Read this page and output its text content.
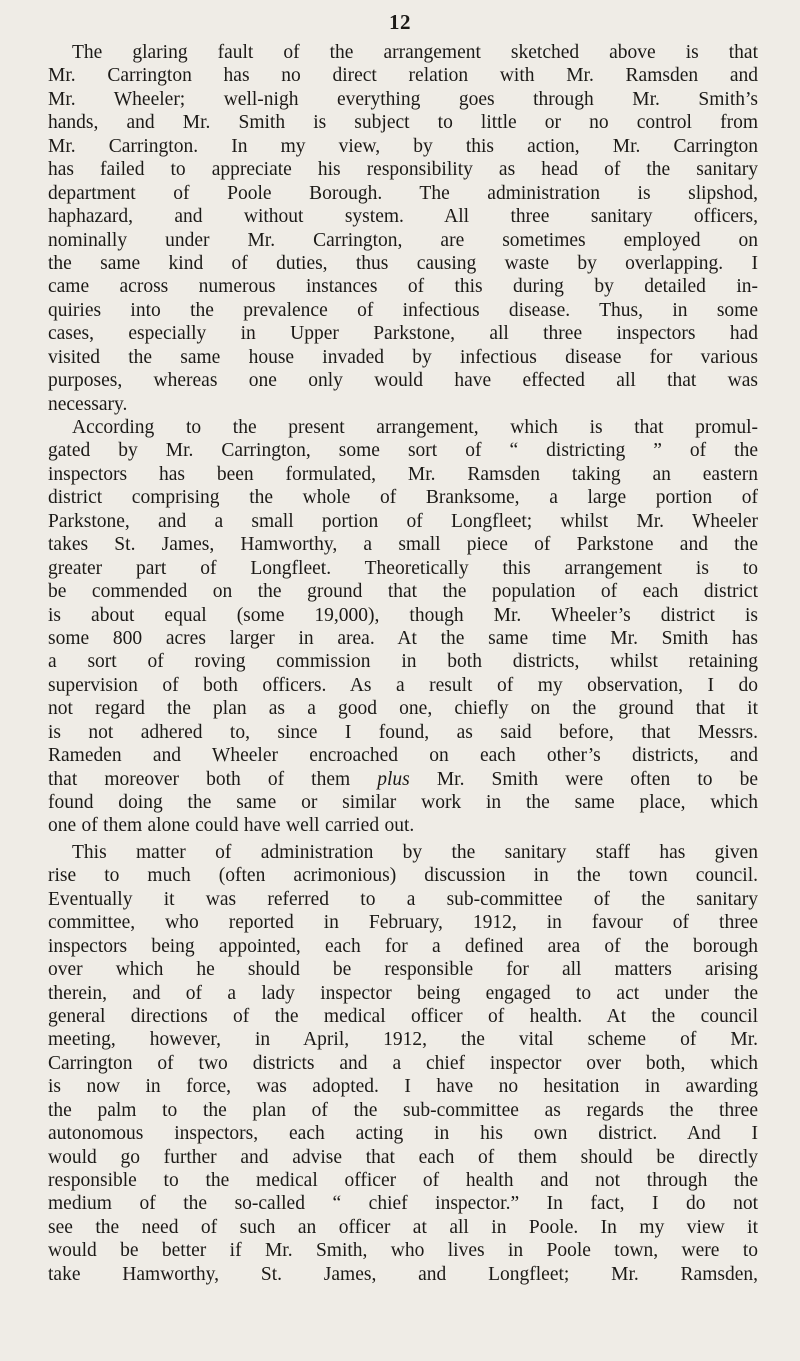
12
The glaring fault of the arrangement sketched above is that
Mr. Carrington has no direct relation with Mr. Ramsden and
Mr. Wheeler; well-nigh everything goes through Mr. Smith’s
hands, and Mr. Smith is subject to little or no control from
Mr. Carrington. In my view, by this action, Mr. Carrington
has failed to appreciate his responsibility as head of the sanitary
department of Poole Borough. The administration is slipshod,
haphazard, and without system. All three sanitary officers,
nominally under Mr. Carrington, are sometimes employed on
the same kind of duties, thus causing waste by overlapping. I
came across numerous instances of this during by detailed in-
quiries into the prevalence of infectious disease. Thus, in some
cases, especially in Upper Parkstone, all three inspectors had
visited the same house invaded by infectious disease for various
purposes, whereas one only would have effected all that was
necessary.
According to the present arrangement, which is that promul-
gated by Mr. Carrington, some sort of “ districting ” of the
inspectors has been formulated, Mr. Ramsden taking an eastern
district comprising the whole of Branksome, a large portion of
Parkstone, and a small portion of Longfleet; whilst Mr. Wheeler
takes St. James, Hamworthy, a small piece of Parkstone and the
greater part of Longfleet. Theoretically this arrangement is to
be commended on the ground that the population of each district
is about equal (some 19,000), though Mr. Wheeler’s district is
some 800 acres larger in area. At the same time Mr. Smith has
a sort of roving commission in both districts, whilst retaining
supervision of both officers. As a result of my observation, I do
not regard the plan as a good one, chiefly on the ground that it
is not adhered to, since I found, as said before, that Messrs.
Rameden and Wheeler encroached on each other’s districts, and
that moreover both of them plus Mr. Smith were often to be
found doing the same or similar work in the same place, which
one of them alone could have well carried out.
This matter of administration by the sanitary staff has given
rise to much (often acrimonious) discussion in the town council.
Eventually it was referred to a sub-committee of the sanitary
committee, who reported in February, 1912, in favour of three
inspectors being appointed, each for a defined area of the borough
over which he should be responsible for all matters arising
therein, and of a lady inspector being engaged to act under the
general directions of the medical officer of health. At the council
meeting, however, in April, 1912, the vital scheme of Mr.
Carrington of two districts and a chief inspector over both, which
is now in force, was adopted. I have no hesitation in awarding
the palm to the plan of the sub-committee as regards the three
autonomous inspectors, each acting in his own district. And I
would go further and advise that each of them should be directly
responsible to the medical officer of health and not through the
medium of the so-called “ chief inspector.” In fact, I do not
see the need of such an officer at all in Poole. In my view it
would be better if Mr. Smith, who lives in Poole town, were to
take Hamworthy, St. James, and Longfleet; Mr. Ramsden,
